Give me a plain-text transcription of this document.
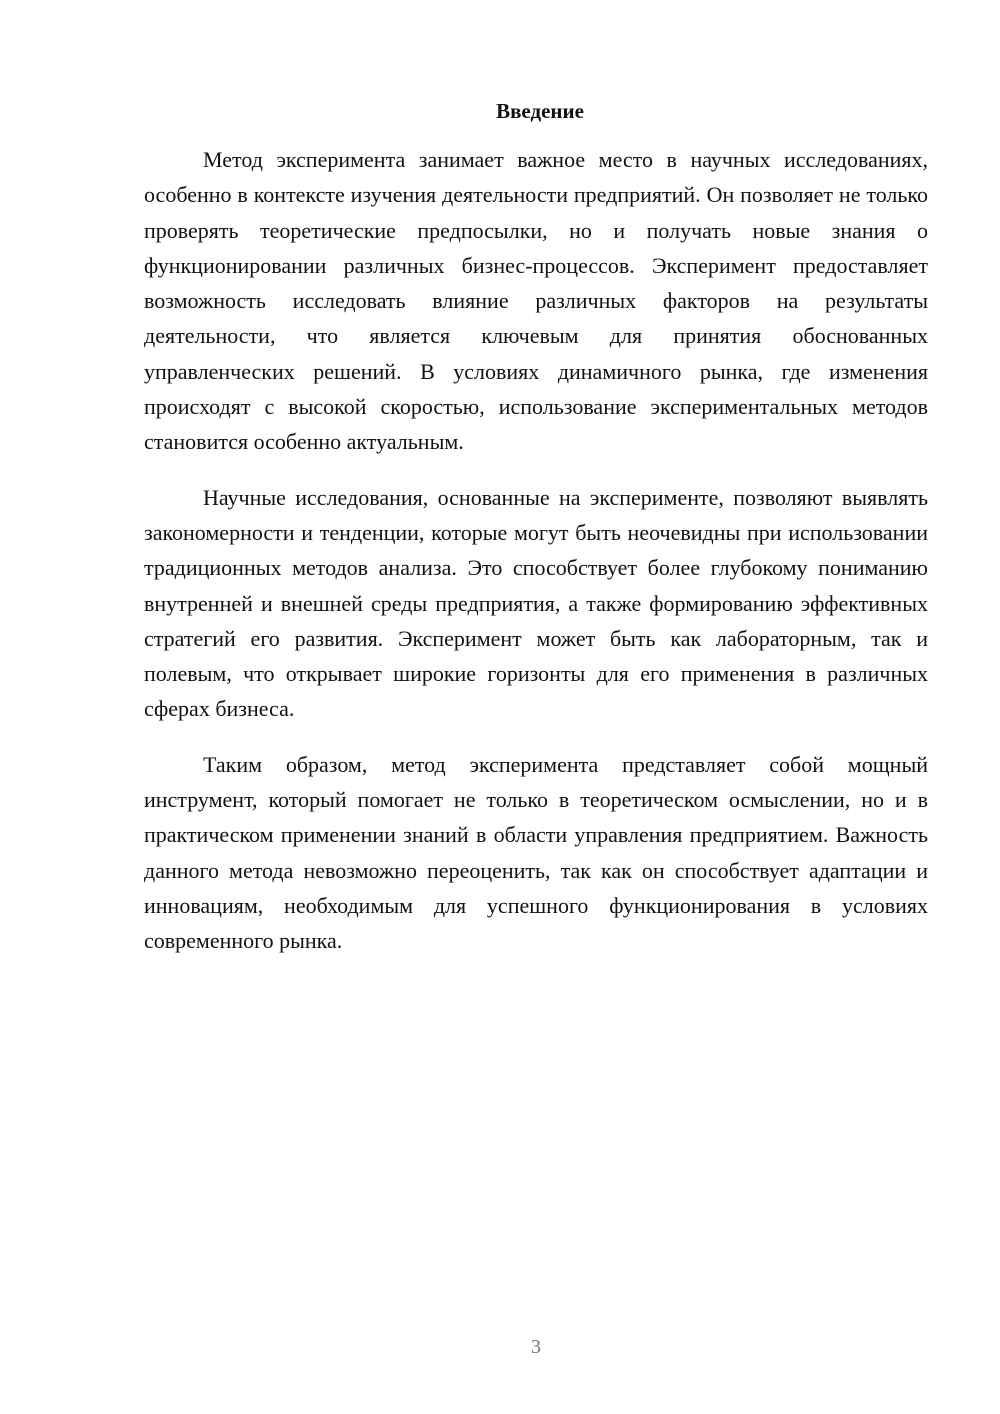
Введение

Метод эксперимента занимает важное место в научных исследованиях, особенно в контексте изучения деятельности предприятий. Он позволяет не только проверять теоретические предпосылки, но и получать новые знания о функционировании различных бизнес-процессов. Эксперимент предоставляет возможность исследовать влияние различных факторов на результаты деятельности, что является ключевым для принятия обоснованных управленческих решений. В условиях динамичного рынка, где изменения происходят с высокой скоростью, использование экспериментальных методов становится особенно актуальным.

Научные исследования, основанные на эксперименте, позволяют выявлять закономерности и тенденции, которые могут быть неочевидны при использовании традиционных методов анализа. Это способствует более глубокому пониманию внутренней и внешней среды предприятия, а также формированию эффективных стратегий его развития. Эксперимент может быть как лабораторным, так и полевым, что открывает широкие горизонты для его применения в различных сферах бизнеса.

Таким образом, метод эксперимента представляет собой мощный инструмент, который помогает не только в теоретическом осмыслении, но и в практическом применении знаний в области управления предприятием. Важность данного метода невозможно переоценить, так как он способствует адаптации и инновациям, необходимым для успешного функционирования в условиях современного рынка.

3
